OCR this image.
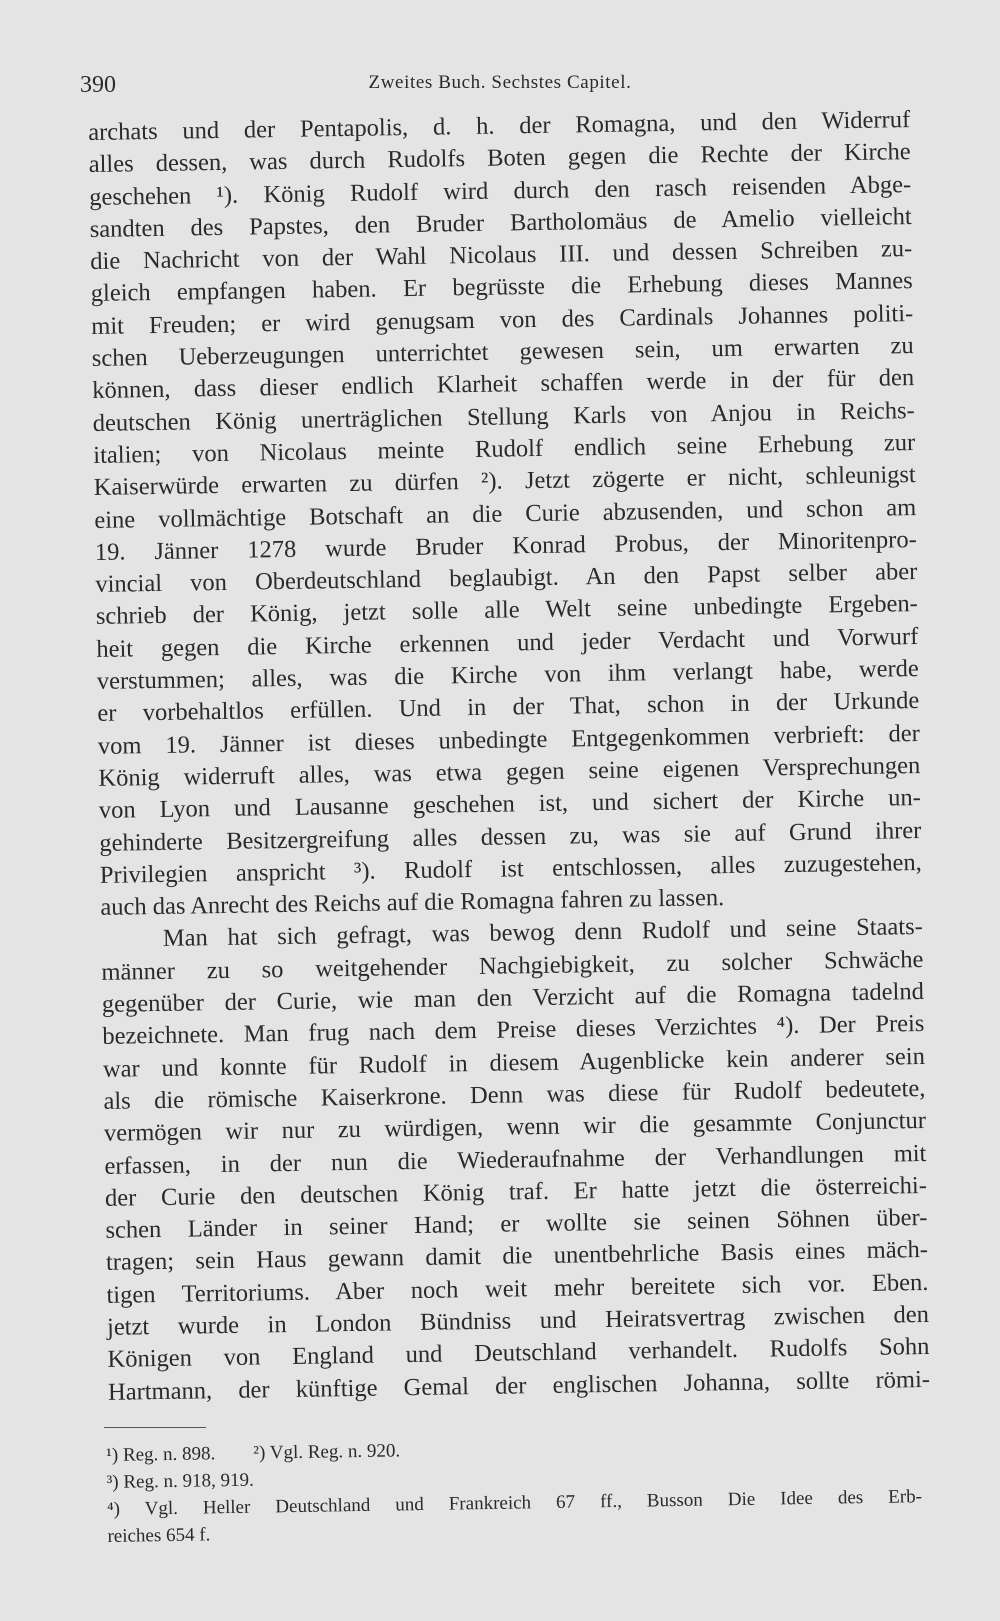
390	Zweites Buch. Sechstes Capitel.
archats und der Pentapolis, d. h. der Romagna, und den Widerruf
alles dessen, was durch Rudolfs Boten gegen die Rechte der Kirche
geschehen ¹). König Rudolf wird durch den rasch reisenden Abge-
sandten des Papstes, den Bruder Bartholomäus de Amelio vielleicht
die Nachricht von der Wahl Nicolaus III. und dessen Schreiben zu-
gleich empfangen haben. Er begrüsste die Erhebung dieses Mannes
mit Freuden; er wird genugsam von des Cardinals Johannes politi-
schen Ueberzeugungen unterrichtet gewesen sein, um erwarten zu
können, dass dieser endlich Klarheit schaffen werde in der für den
deutschen König unerträglichen Stellung Karls von Anjou in Reichs-
italien; von Nicolaus meinte Rudolf endlich seine Erhebung zur
Kaiserwürde erwarten zu dürfen ²). Jetzt zögerte er nicht, schleunigst
eine vollmächtige Botschaft an die Curie abzusenden, und schon am
19. Jänner 1278 wurde Bruder Konrad Probus, der Minoritenpro-
vincial von Oberdeutschland beglaubigt. An den Papst selber aber
schrieb der König, jetzt solle alle Welt seine unbedingte Ergeben-
heit gegen die Kirche erkennen und jeder Verdacht und Vorwurf
verstummen; alles, was die Kirche von ihm verlangt habe, werde
er vorbehaltlos erfüllen. Und in der That, schon in der Urkunde
vom 19. Jänner ist dieses unbedingte Entgegenkommen verbrieft: der
König widerruft alles, was etwa gegen seine eigenen Versprechungen
von Lyon und Lausanne geschehen ist, und sichert der Kirche un-
gehinderte Besitzergreifung alles dessen zu, was sie auf Grund ihrer
Privilegien anspricht ³). Rudolf ist entschlossen, alles zuzugestehen,
auch das Anrecht des Reichs auf die Romagna fahren zu lassen.
Man hat sich gefragt, was bewog denn Rudolf und seine Staats-
männer zu so weitgehender Nachgiebigkeit, zu solcher Schwäche
gegenüber der Curie, wie man den Verzicht auf die Romagna tadelnd
bezeichnete. Man frug nach dem Preise dieses Verzichtes ⁴). Der Preis
war und konnte für Rudolf in diesem Augenblicke kein anderer sein
als die römische Kaiserkrone. Denn was diese für Rudolf bedeutete,
vermögen wir nur zu würdigen, wenn wir die gesammte Conjunctur
erfassen, in der nun die Wiederaufnahme der Verhandlungen mit
der Curie den deutschen König traf. Er hatte jetzt die österreichi-
schen Länder in seiner Hand; er wollte sie seinen Söhnen über-
tragen; sein Haus gewann damit die unentbehrliche Basis eines mäch-
tigen Territoriums. Aber noch weit mehr bereitete sich vor. Eben.
jetzt wurde in London Bündniss und Heiratsvertrag zwischen den
Königen von England und Deutschland verhandelt. Rudolfs Sohn
Hartmann, der künftige Gemal der englischen Johanna, sollte römi-
¹) Reg. n. 898. ²) Vgl. Reg. n. 920.
³) Reg. n. 918, 919.
⁴) Vgl. Heller Deutschland und Frankreich 67 ff., Busson Die Idee des Erb-
reiches 654 f.
